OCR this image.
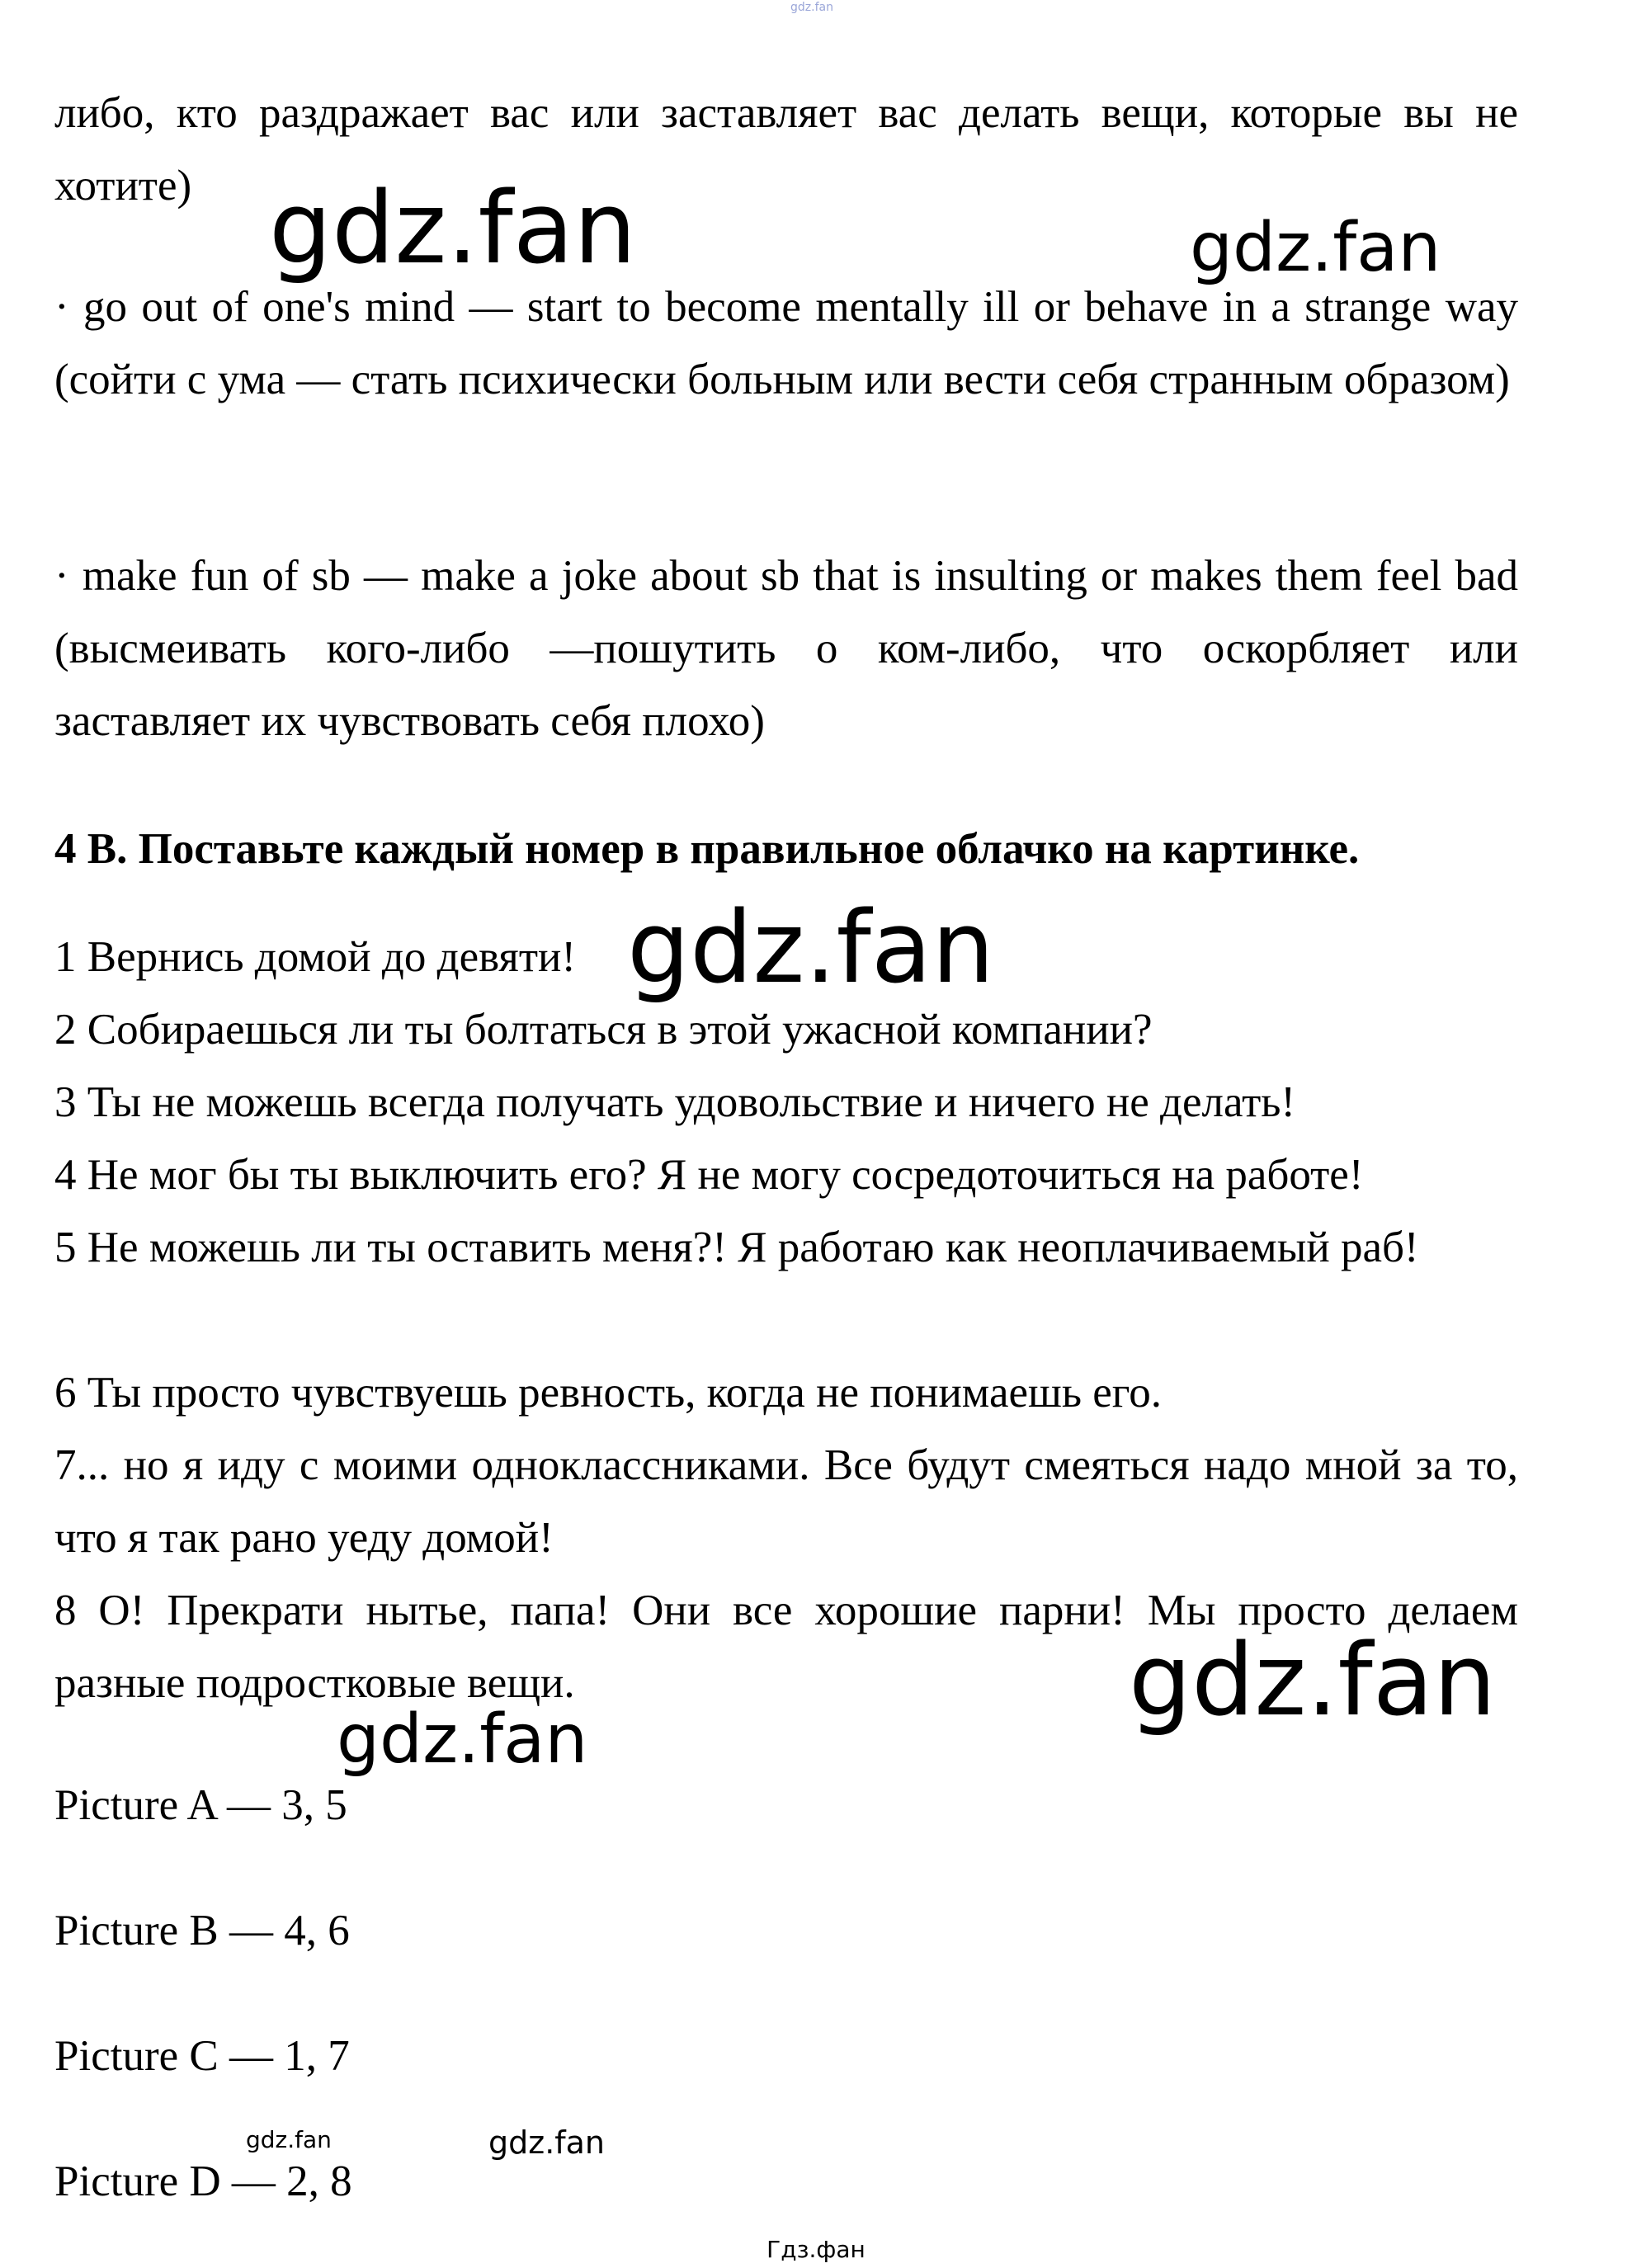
gdz.fan

либо, кто раздражает вас или заставляет вас делать вещи, которые вы не хотите)

· go out of one's mind — start to become mentally ill or behave in a strange way (сойти с ума — стать психически больным или вести себя странным образом)

· make fun of sb — make a joke about sb that is insulting or makes them feel bad (высмеивать кого-либо —пошутить о ком-либо, что оскорбляет или заставляет их чувствовать себя плохо)

4 B. Поставьте каждый номер в правильное облачко на картинке.

1 Вернись домой до девяти!

2 Собираешься ли ты болтаться в этой ужасной компании?

3 Ты не можешь всегда получать удовольствие и ничего не делать!

4 Не мог бы ты выключить его? Я не могу сосредоточиться на работе!

5 Не можешь ли ты оставить меня?! Я работаю как неоплачиваемый раб!

6 Ты просто чувствуешь ревность, когда не понимаешь его.

7... но я иду с моими одноклассниками. Все будут смеяться надо мной за то, что я так рано уеду домой!

8 О! Прекрати нытье, папа! Они все хорошие парни! Мы просто делаем разные подростковые вещи.

Picture A — 3, 5

Picture B — 4, 6

Picture C — 1, 7

Picture D — 2, 8

gdz.fan	gdz.fan
gdz.fan
gdz.fan
gdz.fan
gdz.fan	gdz.fan
Гдз.фан
